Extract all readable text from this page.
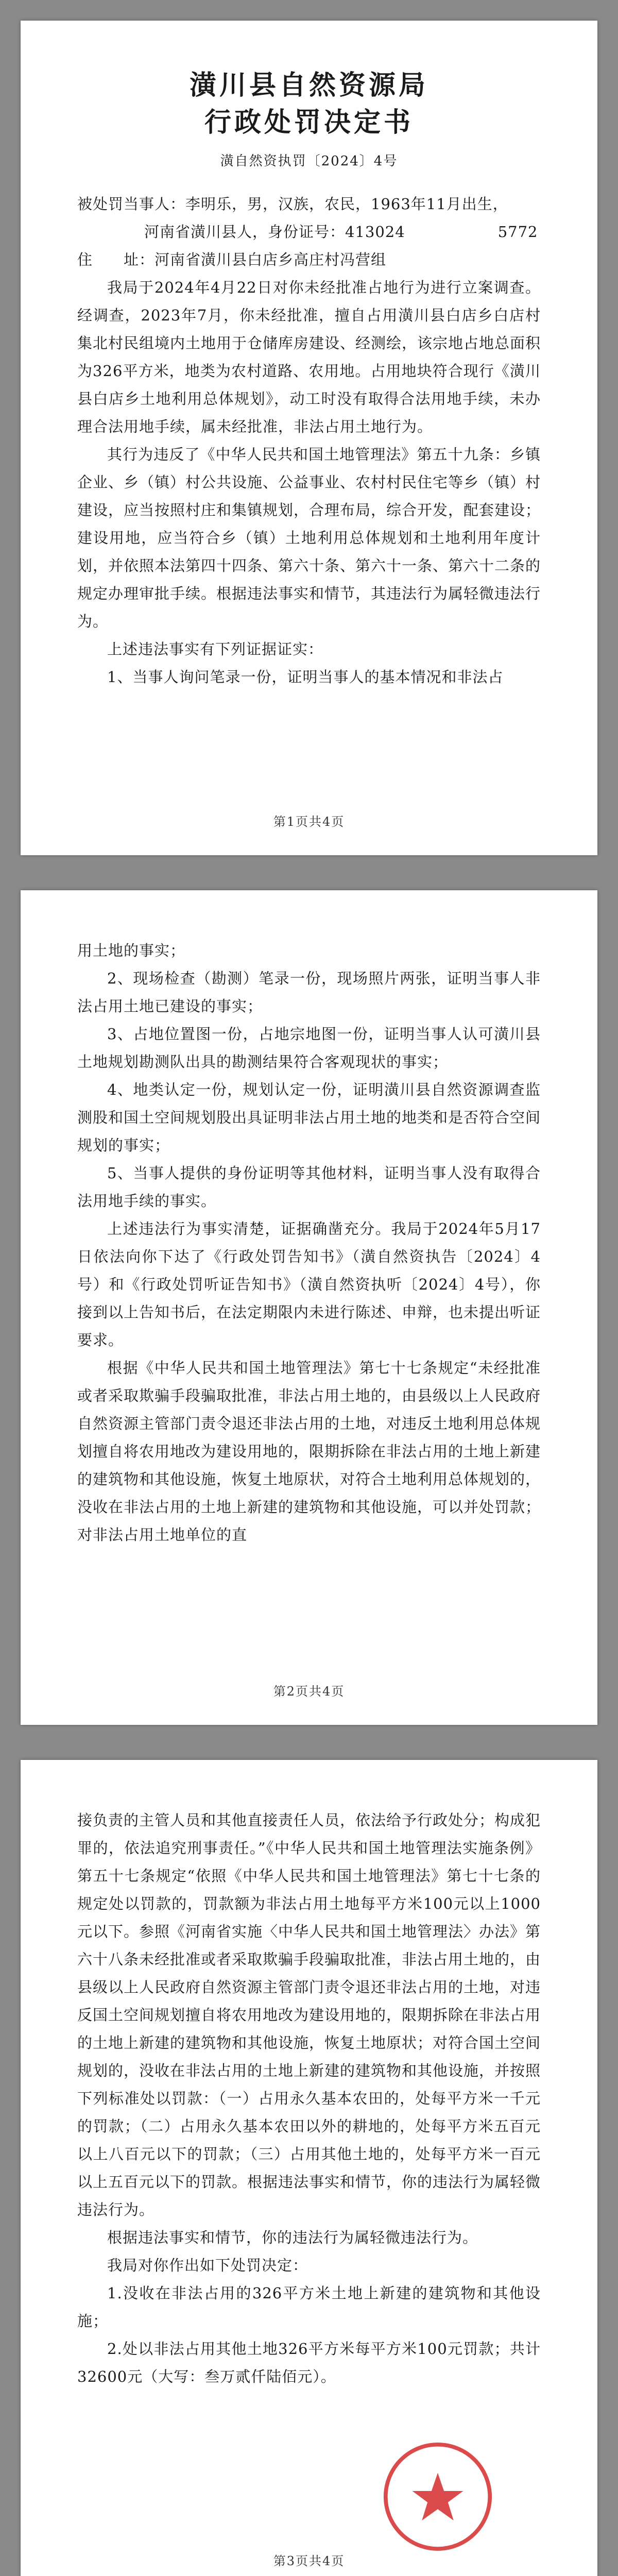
潢川县自然资源局
行政处罚决定书
潢自然资执罚〔2024〕4号

被处罚当事人：李明乐，男，汉族，农民，1963年11月出生，

河南省潢川县人，身份证号：413024　　　　　　5772

住　　址：河南省潢川县白店乡高庄村冯营组

我局于2024年4月22日对你未经批准占地行为进行立案调查。经调查，2023年7月，你未经批准，擅自占用潢川县白店乡白店村集北村民组境内土地用于仓储库房建设、经测绘，该宗地占地总面积为326平方米，地类为农村道路、农用地。占用地块符合现行《潢川县白店乡土地利用总体规划》，动工时没有取得合法用地手续，未办理合法用地手续，属未经批准，非法占用土地行为。

其行为违反了《中华人民共和国土地管理法》第五十九条：乡镇企业、乡（镇）村公共设施、公益事业、农村村民住宅等乡（镇）村建设，应当按照村庄和集镇规划，合理布局，综合开发，配套建设；建设用地，应当符合乡（镇）土地利用总体规划和土地利用年度计划，并依照本法第四十四条、第六十条、第六十一条、第六十二条的规定办理审批手续。根据违法事实和情节，其违法行为属轻微违法行为。

上述违法事实有下列证据证实：

1、当事人询问笔录一份，证明当事人的基本情况和非法占

第1页共4页

用土地的事实；

2、现场检查（勘测）笔录一份，现场照片两张，证明当事人非法占用土地已建设的事实；

3、占地位置图一份，占地宗地图一份，证明当事人认可潢川县土地规划勘测队出具的勘测结果符合客观现状的事实；

4、地类认定一份，规划认定一份，证明潢川县自然资源调查监测股和国土空间规划股出具证明非法占用土地的地类和是否符合空间规划的事实；

5、当事人提供的身份证明等其他材料，证明当事人没有取得合法用地手续的事实。

上述违法行为事实清楚，证据确凿充分。我局于2024年5月17日依法向你下达了《行政处罚告知书》（潢自然资执告〔2024〕4号）和《行政处罚听证告知书》（潢自然资执听〔2024〕4号），你接到以上告知书后，在法定期限内未进行陈述、申辩，也未提出听证要求。

根据《中华人民共和国土地管理法》第七十七条规定“未经批准或者采取欺骗手段骗取批准，非法占用土地的，由县级以上人民政府自然资源主管部门责令退还非法占用的土地，对违反土地利用总体规划擅自将农用地改为建设用地的，限期拆除在非法占用的土地上新建的建筑物和其他设施，恢复土地原状，对符合土地利用总体规划的，没收在非法占用的土地上新建的建筑物和其他设施，可以并处罚款；对非法占用土地单位的直

第2页共4页

接负责的主管人员和其他直接责任人员，依法给予行政处分；构成犯罪的，依法追究刑事责任。”《中华人民共和国土地管理法实施条例》第五十七条规定“依照《中华人民共和国土地管理法》第七十七条的规定处以罚款的，罚款额为非法占用土地每平方米100元以上1000元以下。参照《河南省实施〈中华人民共和国土地管理法〉办法》第六十八条未经批准或者采取欺骗手段骗取批准，非法占用土地的，由县级以上人民政府自然资源主管部门责令退还非法占用的土地，对违反国土空间规划擅自将农用地改为建设用地的，限期拆除在非法占用的土地上新建的建筑物和其他设施，恢复土地原状；对符合国土空间规划的，没收在非法占用的土地上新建的建筑物和其他设施，并按照下列标准处以罚款：（一）占用永久基本农田的，处每平方米一千元的罚款；（二）占用永久基本农田以外的耕地的，处每平方米五百元以上八百元以下的罚款；（三）占用其他土地的，处每平方米一百元以上五百元以下的罚款。根据违法事实和情节，你的违法行为属轻微违法行为。

根据违法事实和情节，你的违法行为属轻微违法行为。

我局对你作出如下处罚决定：

1.没收在非法占用的326平方米土地上新建的建筑物和其他设施；

2.处以非法占用其他土地326平方米每平方米100元罚款；共计32600元（大写：叁万贰仟陆佰元）。

第3页共4页
